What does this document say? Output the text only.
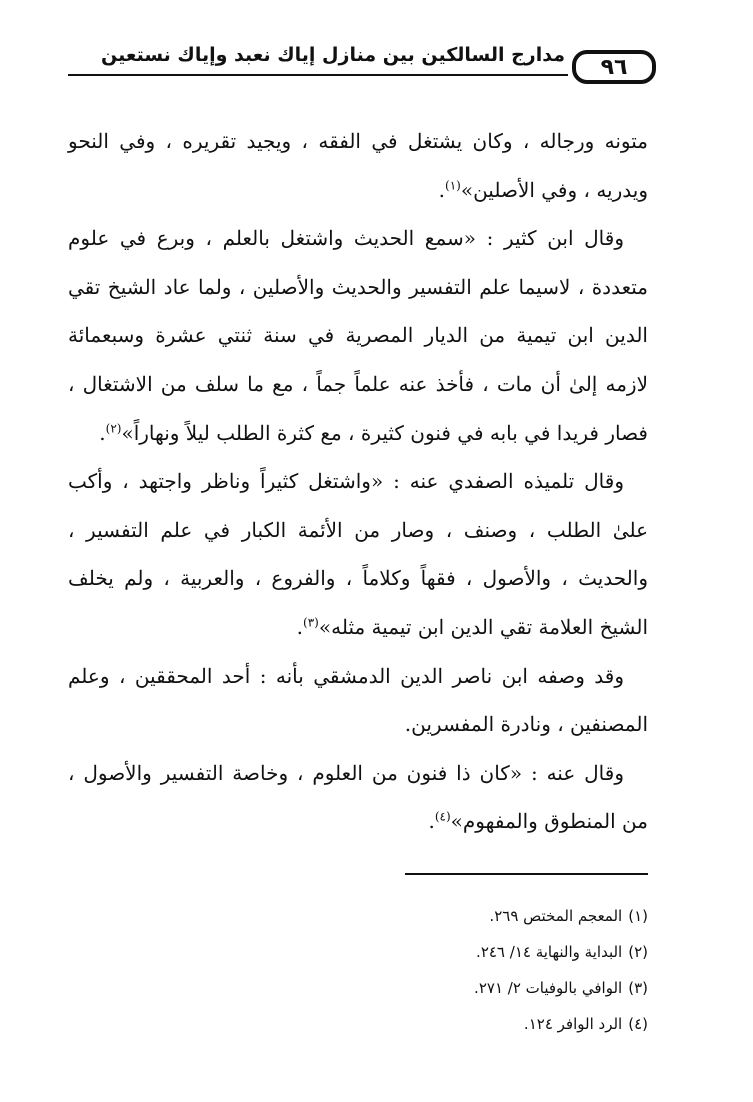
مدارج السالكين بين منازل إياك نعبد وإياك نستعين	٩٦

متونه ورجاله ، وكان يشتغل في الفقه ، ويجيد تقريره ، وفي النحو ويدريه ، وفي الأصلين»$^{(١)}$.

وقال ابن كثير : «سمع الحديث واشتغل بالعلم ، وبرع في علوم متعددة ، لاسيما علم التفسير والحديث والأصلين ، ولما عاد الشيخ تقي الدين ابن تيمية من الديار المصرية في سنة ثنتي عشرة وسبعمائة لازمه إلىٰ أن مات ، فأخذ عنه علماً جماً ، مع ما سلف من الاشتغال ، فصار فريدا في بابه في فنون كثيرة ، مع كثرة الطلب ليلاً ونهاراً»$^{(٢)}$.

وقال تلميذه الصفدي عنه : «واشتغل كثيراً وناظر واجتهد ، وأكب علىٰ الطلب ، وصنف ، وصار من الأئمة الكبار في علم التفسير ، والحديث ، والأصول ، فقهاً وكلاماً ، والفروع ، والعربية ، ولم يخلف الشيخ العلامة تقي الدين ابن تيمية مثله»$^{(٣)}$.

وقد وصفه ابن ناصر الدين الدمشقي بأنه : أحد المحققين ، وعلم المصنفين ، ونادرة المفسرين.

وقال عنه : «كان ذا فنون من العلوم ، وخاصة التفسير والأصول ، من المنطوق والمفهوم»$^{(٤)}$.

(١)المعجم المختص ٢٦٩.
(٢)البداية والنهاية ١٤/ ٢٤٦.
(٣)الوافي بالوفيات ٢/ ٢٧١.
(٤)الرد الوافر ١٢٤.
